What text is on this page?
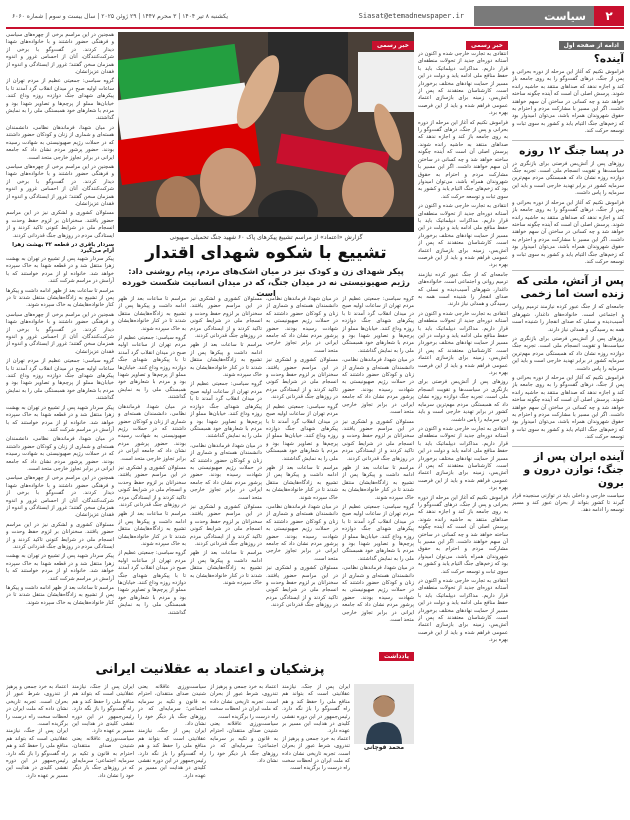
۲
سیاست
Siasat@etemadnewspaper.ir
یکشنبه ۸ تیر ۱۴۰۴ | ۳ محرم ۱۴۴۷ | ۲۹ ژوئن ۲۰۲۵ | سال بیست و سوم | شماره ۶۰۶۰
ادامه از صفحه اول
آینده؟

فراموش نکنیم که آغاز این مرحله از دوره بحرانی و پس از جنگ، درهای گفت‌وگو را به روی جامعه باز کند و اجازه ندهد که صداهای منتقد به حاشیه رانده شوند. پرسش اصلی آن است که آینده چگونه ساخته خواهد شد و چه کسانی در ساختن آن سهم خواهند داشت. اگر این مسیر با مشارکت مردم و احترام به حقوق شهروندان همراه باشد، می‌توان امیدوار بود که زخم‌های جنگ التیام یابد و کشور به سوی ثبات و توسعه حرکت کند.

در پسا جنگ ۱۲ روزه

روزهای پس از آتش‌بس فرصتی برای بازنگری در سیاست‌ها و تقویت انسجام ملی است. تجربه جنگ دوازده روزه نشان داد که همبستگی مردم مهم‌ترین سرمایه کشور در برابر تهدید خارجی است و باید این سرمایه را پاس داشت.

فراموش نکنیم که آغاز این مرحله از دوره بحرانی و پس از جنگ، درهای گفت‌وگو را به روی جامعه باز کند و اجازه ندهد که صداهای منتقد به حاشیه رانده شوند. پرسش اصلی آن است که آینده چگونه ساخته خواهد شد و چه کسانی در ساختن آن سهم خواهند داشت. اگر این مسیر با مشارکت مردم و احترام به حقوق شهروندان همراه باشد، می‌توان امیدوار بود که زخم‌های جنگ التیام یابد و کشور به سوی ثبات و توسعه حرکت کند.

پس از آتش، ملتی که زنده است اما زخمی

جامعه‌ای که از جنگ عبور کرده نیازمند ترمیم روانی و اجتماعی است. خانواده‌های داغدار، شهرهای آسیب‌دیده و نسلی که صدای انفجار را شنیده است همه به رسیدگی و همدلی نیاز دارند.

روزهای پس از آتش‌بس فرصتی برای بازنگری در سیاست‌ها و تقویت انسجام ملی است. تجربه جنگ دوازده روزه نشان داد که همبستگی مردم مهم‌ترین سرمایه کشور در برابر تهدید خارجی است و باید این سرمایه را پاس داشت.

فراموش نکنیم که آغاز این مرحله از دوره بحرانی و پس از جنگ، درهای گفت‌وگو را به روی جامعه باز کند و اجازه ندهد که صداهای منتقد به حاشیه رانده شوند. پرسش اصلی آن است که آینده چگونه ساخته خواهد شد و چه کسانی در ساختن آن سهم خواهند داشت. اگر این مسیر با مشارکت مردم و احترام به حقوق شهروندان همراه باشد، می‌توان امیدوار بود که زخم‌های جنگ التیام یابد و کشور به سوی ثبات و توسعه حرکت کند.

آینده ایران پس از جنگ؛ توازن درون و برون

سیاست خارجی و داخلی باید در توازنی سنجیده قرار گیرند تا کشور بتواند از بحران عبور کند و مسیر توسعه را ادامه دهد.

خبر رسمی

انتقادی به تجارت خارجی شده و اکنون در آستانه دوره‌ای جدید از تحولات منطقه‌ای قرار داریم. مذاکرات دیپلماتیک باید با حفظ منافع ملی ادامه یابد و دولت در این مسیر از حمایت نهادهای مختلف برخوردار است. کارشناسان معتقدند که پس از آتش‌بس، زمینه برای بازسازی اعتماد عمومی فراهم شده و باید از این فرصت بهره برد.

فراموش نکنیم که آغاز این مرحله از دوره بحرانی و پس از جنگ، درهای گفت‌وگو را به روی جامعه باز کند و اجازه ندهد که صداهای منتقد به حاشیه رانده شوند. پرسش اصلی آن است که آینده چگونه ساخته خواهد شد و چه کسانی در ساختن آن سهم خواهند داشت. اگر این مسیر با مشارکت مردم و احترام به حقوق شهروندان همراه باشد، می‌توان امیدوار بود که زخم‌های جنگ التیام یابد و کشور به سوی ثبات و توسعه حرکت کند.

انتقادی به تجارت خارجی شده و اکنون در آستانه دوره‌ای جدید از تحولات منطقه‌ای قرار داریم. مذاکرات دیپلماتیک باید با حفظ منافع ملی ادامه یابد و دولت در این مسیر از حمایت نهادهای مختلف برخوردار است. کارشناسان معتقدند که پس از آتش‌بس، زمینه برای بازسازی اعتماد عمومی فراهم شده و باید از این فرصت بهره برد.

جامعه‌ای که از جنگ عبور کرده نیازمند ترمیم روانی و اجتماعی است. خانواده‌های داغدار، شهرهای آسیب‌دیده و نسلی که صدای انفجار را شنیده است همه به رسیدگی و همدلی نیاز دارند.

انتقادی به تجارت خارجی شده و اکنون در آستانه دوره‌ای جدید از تحولات منطقه‌ای قرار داریم. مذاکرات دیپلماتیک باید با حفظ منافع ملی ادامه یابد و دولت در این مسیر از حمایت نهادهای مختلف برخوردار است. کارشناسان معتقدند که پس از آتش‌بس، زمینه برای بازسازی اعتماد عمومی فراهم شده و باید از این فرصت بهره برد.

روزهای پس از آتش‌بس فرصتی برای بازنگری در سیاست‌ها و تقویت انسجام ملی است. تجربه جنگ دوازده روزه نشان داد که همبستگی مردم مهم‌ترین سرمایه کشور در برابر تهدید خارجی است و باید این سرمایه را پاس داشت.

انتقادی به تجارت خارجی شده و اکنون در آستانه دوره‌ای جدید از تحولات منطقه‌ای قرار داریم. مذاکرات دیپلماتیک باید با حفظ منافع ملی ادامه یابد و دولت در این مسیر از حمایت نهادهای مختلف برخوردار است. کارشناسان معتقدند که پس از آتش‌بس، زمینه برای بازسازی اعتماد عمومی فراهم شده و باید از این فرصت بهره برد.

فراموش نکنیم که آغاز این مرحله از دوره بحرانی و پس از جنگ، درهای گفت‌وگو را به روی جامعه باز کند و اجازه ندهد که صداهای منتقد به حاشیه رانده شوند. پرسش اصلی آن است که آینده چگونه ساخته خواهد شد و چه کسانی در ساختن آن سهم خواهند داشت. اگر این مسیر با مشارکت مردم و احترام به حقوق شهروندان همراه باشد، می‌توان امیدوار بود که زخم‌های جنگ التیام یابد و کشور به سوی ثبات و توسعه حرکت کند.

انتقادی به تجارت خارجی شده و اکنون در آستانه دوره‌ای جدید از تحولات منطقه‌ای قرار داریم. مذاکرات دیپلماتیک باید با حفظ منافع ملی ادامه یابد و دولت در این مسیر از حمایت نهادهای مختلف برخوردار است. کارشناسان معتقدند که پس از آتش‌بس، زمینه برای بازسازی اعتماد عمومی فراهم شده و باید از این فرصت بهره برد.

خبر رسمی
گزارش «اعتماد» از مراسم تشییع پیکرهای پاک ۶۰ شهید جنگ تحمیلی صهیونی
تشییع با شکوه شهدای اقتدار
پیکر شهدای زن و کودک نیز در میان اشک‌های مردم، پیام روشنی داد: رژیم صهیونیستی نه در میدان جنگ، که در میدان انسانیت شکست خورده است

گروه سیاسی: جمعیتی عظیم از مردم تهران از ساعات اولیه صبح در میدان انقلاب گرد آمدند تا با پیکرهای شهدای جنگ دوازده روزه وداع کنند. خیابان‌ها مملو از پرچم‌ها و تصاویر شهدا بود و مردم با شعارهای خود همبستگی ملی را به نمایش گذاشتند.

در میان شهدا، فرماندهان نظامی، دانشمندان هسته‌ای و شماری از زنان و کودکان حضور داشتند که در حملات رژیم صهیونیستی به شهادت رسیده بودند. حضور پرشور مردم نشان داد که جامعه ایرانی در برابر تجاوز خارجی متحد است.

مسئولان کشوری و لشکری نیز در این مراسم حضور یافتند. سخنرانان بر لزوم حفظ وحدت و انسجام ملی در شرایط کنونی تاکید کردند و از ایستادگی مردم در روزهای جنگ قدردانی کردند.

مراسم تا ساعات بعد از ظهر ادامه داشت و پیکرها پس از تشییع به زادگاه‌هایشان منتقل شدند تا در کنار خانواده‌هایشان به خاک سپرده شوند.

گروه سیاسی: جمعیتی عظیم از مردم تهران از ساعات اولیه صبح در میدان انقلاب گرد آمدند تا با پیکرهای شهدای جنگ دوازده روزه وداع کنند. خیابان‌ها مملو از پرچم‌ها و تصاویر شهدا بود و مردم با شعارهای خود همبستگی ملی را به نمایش گذاشتند.

در میان شهدا، فرماندهان نظامی، دانشمندان هسته‌ای و شماری از زنان و کودکان حضور داشتند که در حملات رژیم صهیونیستی به شهادت رسیده بودند. حضور پرشور مردم نشان داد که جامعه ایرانی در برابر تجاوز خارجی متحد است.

در میان شهدا، فرماندهان نظامی، دانشمندان هسته‌ای و شماری از زنان و کودکان حضور داشتند که در حملات رژیم صهیونیستی به شهادت رسیده بودند. حضور پرشور مردم نشان داد که جامعه ایرانی در برابر تجاوز خارجی متحد است.

مسئولان کشوری و لشکری نیز در این مراسم حضور یافتند. سخنرانان بر لزوم حفظ وحدت و انسجام ملی در شرایط کنونی تاکید کردند و از ایستادگی مردم در روزهای جنگ قدردانی کردند.

گروه سیاسی: جمعیتی عظیم از مردم تهران از ساعات اولیه صبح در میدان انقلاب گرد آمدند تا با پیکرهای شهدای جنگ دوازده روزه وداع کنند. خیابان‌ها مملو از پرچم‌ها و تصاویر شهدا بود و مردم با شعارهای خود همبستگی ملی را به نمایش گذاشتند.

مراسم تا ساعات بعد از ظهر ادامه داشت و پیکرها پس از تشییع به زادگاه‌هایشان منتقل شدند تا در کنار خانواده‌هایشان به خاک سپرده شوند.

در میان شهدا، فرماندهان نظامی، دانشمندان هسته‌ای و شماری از زنان و کودکان حضور داشتند که در حملات رژیم صهیونیستی به شهادت رسیده بودند. حضور پرشور مردم نشان داد که جامعه ایرانی در برابر تجاوز خارجی متحد است.

مسئولان کشوری و لشکری نیز در این مراسم حضور یافتند. سخنرانان بر لزوم حفظ وحدت و انسجام ملی در شرایط کنونی تاکید کردند و از ایستادگی مردم در روزهای جنگ قدردانی کردند.

مسئولان کشوری و لشکری نیز در این مراسم حضور یافتند. سخنرانان بر لزوم حفظ وحدت و انسجام ملی در شرایط کنونی تاکید کردند و از ایستادگی مردم در روزهای جنگ قدردانی کردند.

مراسم تا ساعات بعد از ظهر ادامه داشت و پیکرها پس از تشییع به زادگاه‌هایشان منتقل شدند تا در کنار خانواده‌هایشان به خاک سپرده شوند.

گروه سیاسی: جمعیتی عظیم از مردم تهران از ساعات اولیه صبح در میدان انقلاب گرد آمدند تا با پیکرهای شهدای جنگ دوازده روزه وداع کنند. خیابان‌ها مملو از پرچم‌ها و تصاویر شهدا بود و مردم با شعارهای خود همبستگی ملی را به نمایش گذاشتند.

در میان شهدا، فرماندهان نظامی، دانشمندان هسته‌ای و شماری از زنان و کودکان حضور داشتند که در حملات رژیم صهیونیستی به شهادت رسیده بودند. حضور پرشور مردم نشان داد که جامعه ایرانی در برابر تجاوز خارجی متحد است.

مسئولان کشوری و لشکری نیز در این مراسم حضور یافتند. سخنرانان بر لزوم حفظ وحدت و انسجام ملی در شرایط کنونی تاکید کردند و از ایستادگی مردم در روزهای جنگ قدردانی کردند.

مراسم تا ساعات بعد از ظهر ادامه داشت و پیکرها پس از تشییع به زادگاه‌هایشان منتقل شدند تا در کنار خانواده‌هایشان به خاک سپرده شوند.

مراسم تا ساعات بعد از ظهر ادامه داشت و پیکرها پس از تشییع به زادگاه‌هایشان منتقل شدند تا در کنار خانواده‌هایشان به خاک سپرده شوند.

گروه سیاسی: جمعیتی عظیم از مردم تهران از ساعات اولیه صبح در میدان انقلاب گرد آمدند تا با پیکرهای شهدای جنگ دوازده روزه وداع کنند. خیابان‌ها مملو از پرچم‌ها و تصاویر شهدا بود و مردم با شعارهای خود همبستگی ملی را به نمایش گذاشتند.

در میان شهدا، فرماندهان نظامی، دانشمندان هسته‌ای و شماری از زنان و کودکان حضور داشتند که در حملات رژیم صهیونیستی به شهادت رسیده بودند. حضور پرشور مردم نشان داد که جامعه ایرانی در برابر تجاوز خارجی متحد است.

مسئولان کشوری و لشکری نیز در این مراسم حضور یافتند. سخنرانان بر لزوم حفظ وحدت و انسجام ملی در شرایط کنونی تاکید کردند و از ایستادگی مردم در روزهای جنگ قدردانی کردند.

مراسم تا ساعات بعد از ظهر ادامه داشت و پیکرها پس از تشییع به زادگاه‌هایشان منتقل شدند تا در کنار خانواده‌هایشان به خاک سپرده شوند.

گروه سیاسی: جمعیتی عظیم از مردم تهران از ساعات اولیه صبح در میدان انقلاب گرد آمدند تا با پیکرهای شهدای جنگ دوازده روزه وداع کنند. خیابان‌ها مملو از پرچم‌ها و تصاویر شهدا بود و مردم با شعارهای خود همبستگی ملی را به نمایش گذاشتند.

همچنین در این مراسم برخی از چهره‌های سیاسی و فرهنگی حضور داشتند و با خانواده‌های شهدا دیدار کردند. در گفت‌وگو با برخی از شرکت‌کنندگان، آنان از احساس غرور و اندوه همزمان سخن گفتند؛ غرور از ایستادگی و اندوه از فقدان عزیزانشان.

گروه سیاسی: جمعیتی عظیم از مردم تهران از ساعات اولیه صبح در میدان انقلاب گرد آمدند تا با پیکرهای شهدای جنگ دوازده روزه وداع کنند. خیابان‌ها مملو از پرچم‌ها و تصاویر شهدا بود و مردم با شعارهای خود همبستگی ملی را به نمایش گذاشتند.

در میان شهدا، فرماندهان نظامی، دانشمندان هسته‌ای و شماری از زنان و کودکان حضور داشتند که در حملات رژیم صهیونیستی به شهادت رسیده بودند. حضور پرشور مردم نشان داد که جامعه ایرانی در برابر تجاوز خارجی متحد است.

همچنین در این مراسم برخی از چهره‌های سیاسی و فرهنگی حضور داشتند و با خانواده‌های شهدا دیدار کردند. در گفت‌وگو با برخی از شرکت‌کنندگان، آنان از احساس غرور و اندوه همزمان سخن گفتند؛ غرور از ایستادگی و اندوه از فقدان عزیزانشان.

مسئولان کشوری و لشکری نیز در این مراسم حضور یافتند. سخنرانان بر لزوم حفظ وحدت و انسجام ملی در شرایط کنونی تاکید کردند و از ایستادگی مردم در روزهای جنگ قدردانی کردند.

سردار باقری در قطعه ۴۲ بهشت زهرا آرام می‌گیرد

پیکر سردار شهید پس از تشییع در تهران به بهشت زهرا منتقل شد و در قطعه شهدا به خاک سپرده خواهد شد. خانواده او از مردم خواستند که با آرامش در مراسم شرکت کنند.

مراسم تا ساعات بعد از ظهر ادامه داشت و پیکرها پس از تشییع به زادگاه‌هایشان منتقل شدند تا در کنار خانواده‌هایشان به خاک سپرده شوند.

همچنین در این مراسم برخی از چهره‌های سیاسی و فرهنگی حضور داشتند و با خانواده‌های شهدا دیدار کردند. در گفت‌وگو با برخی از شرکت‌کنندگان، آنان از احساس غرور و اندوه همزمان سخن گفتند؛ غرور از ایستادگی و اندوه از فقدان عزیزانشان.

گروه سیاسی: جمعیتی عظیم از مردم تهران از ساعات اولیه صبح در میدان انقلاب گرد آمدند تا با پیکرهای شهدای جنگ دوازده روزه وداع کنند. خیابان‌ها مملو از پرچم‌ها و تصاویر شهدا بود و مردم با شعارهای خود همبستگی ملی را به نمایش گذاشتند.

پیکر سردار شهید پس از تشییع در تهران به بهشت زهرا منتقل شد و در قطعه شهدا به خاک سپرده خواهد شد. خانواده او از مردم خواستند که با آرامش در مراسم شرکت کنند.

در میان شهدا، فرماندهان نظامی، دانشمندان هسته‌ای و شماری از زنان و کودکان حضور داشتند که در حملات رژیم صهیونیستی به شهادت رسیده بودند. حضور پرشور مردم نشان داد که جامعه ایرانی در برابر تجاوز خارجی متحد است.

همچنین در این مراسم برخی از چهره‌های سیاسی و فرهنگی حضور داشتند و با خانواده‌های شهدا دیدار کردند. در گفت‌وگو با برخی از شرکت‌کنندگان، آنان از احساس غرور و اندوه همزمان سخن گفتند؛ غرور از ایستادگی و اندوه از فقدان عزیزانشان.

مسئولان کشوری و لشکری نیز در این مراسم حضور یافتند. سخنرانان بر لزوم حفظ وحدت و انسجام ملی در شرایط کنونی تاکید کردند و از ایستادگی مردم در روزهای جنگ قدردانی کردند.

پیکر سردار شهید پس از تشییع در تهران به بهشت زهرا منتقل شد و در قطعه شهدا به خاک سپرده خواهد شد. خانواده او از مردم خواستند که با آرامش در مراسم شرکت کنند.

مراسم تا ساعات بعد از ظهر ادامه داشت و پیکرها پس از تشییع به زادگاه‌هایشان منتقل شدند تا در کنار خانواده‌هایشان به خاک سپرده شوند.

یادداشت
پزشکیان و اعتماد به عقلانیت ایرانی
محمد قوچانی

ایران پس از جنگ، نیازمند عقلانیتی است که بتواند هم منافع ملی را حفظ کند و هم راه گفت‌وگو را باز نگه دارد. رئیس‌جمهور در این دوره نقشی کلیدی در هدایت این مسیر بر عهده دارد.

اعتماد به خرد جمعی و پرهیز از تندروی، شرط عبور از بحران است. تجربه تاریخی نشان داده که ملت ایران در لحظات سخت راه درست را برگزیده است.

اعتماد به خرد جمعی و پرهیز از تندروی، شرط عبور از بحران است. تجربه تاریخی نشان داده که ملت ایران در لحظات سخت راه درست را برگزیده است.

سیاست‌ورزی عاقلانه یعنی شنیدن صدای منتقدان، احترام به قانون و تکیه بر سرمایه اجتماعی؛ سرمایه‌ای که در روزهای جنگ بار دیگر خود را نشان داد.

سیاست‌ورزی عاقلانه یعنی شنیدن صدای منتقدان، احترام به قانون و تکیه بر سرمایه اجتماعی؛ سرمایه‌ای که در روزهای جنگ بار دیگر خود را نشان داد.

ایران پس از جنگ، نیازمند عقلانیتی است که بتواند هم منافع ملی را حفظ کند و هم راه گفت‌وگو را باز نگه دارد. رئیس‌جمهور در این دوره نقشی کلیدی در هدایت این مسیر بر عهده دارد.

ایران پس از جنگ، نیازمند عقلانیتی است که بتواند هم منافع ملی را حفظ کند و هم راه گفت‌وگو را باز نگه دارد. رئیس‌جمهور در این دوره نقشی کلیدی در هدایت این مسیر بر عهده دارد.

سیاست‌ورزی عاقلانه یعنی شنیدن صدای منتقدان، احترام به قانون و تکیه بر سرمایه اجتماعی؛ سرمایه‌ای که در روزهای جنگ بار دیگر خود را نشان داد.

اعتماد به خرد جمعی و پرهیز از تندروی، شرط عبور از بحران است. تجربه تاریخی نشان داده که ملت ایران در لحظات سخت راه درست را برگزیده است.

ایران پس از جنگ، نیازمند عقلانیتی است که بتواند هم منافع ملی را حفظ کند و هم راه گفت‌وگو را باز نگه دارد. رئیس‌جمهور در این دوره نقشی کلیدی در هدایت این مسیر بر عهده دارد.
